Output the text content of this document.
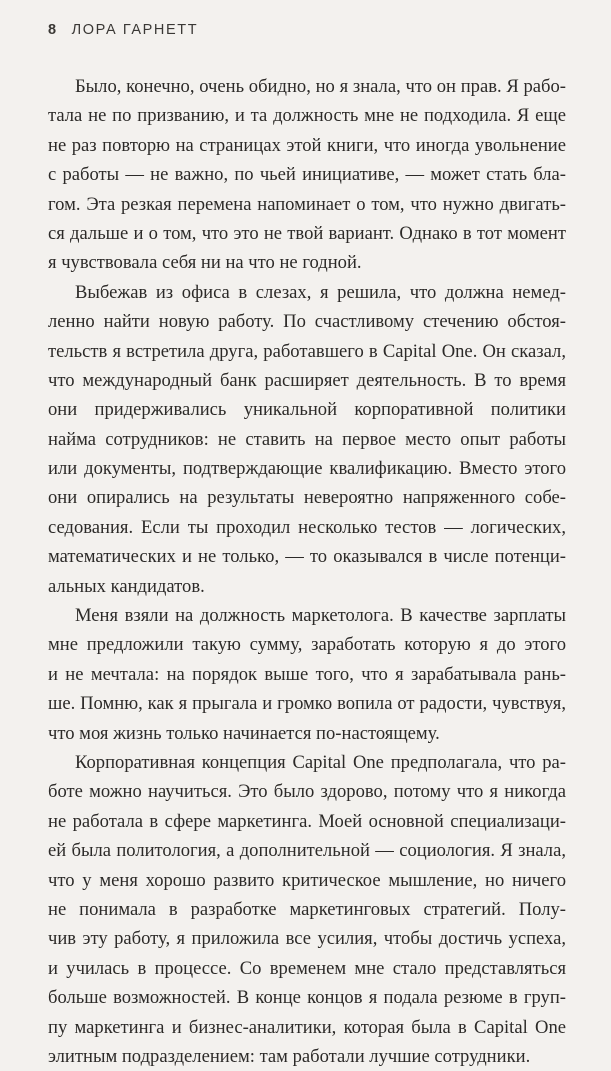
8 ЛОРА ГАРНЕТТ
Было, конечно, очень обидно, но я знала, что он прав. Я рабо-
тала не по призванию, и та должность мне не подходила. Я еще
не раз повторю на страницах этой книги, что иногда увольнение
с работы — не важно, по чьей инициативе, — может стать бла-
гом. Эта резкая перемена напоминает о том, что нужно двигать-
ся дальше и о том, что это не твой вариант. Однако в тот момент
я чувствовала себя ни на что не годной.
Выбежав из офиса в слезах, я решила, что должна немед-
ленно найти новую работу. По счастливому стечению обстоя-
тельств я встретила друга, работавшего в Capital One. Он сказал,
что международный банк расширяет деятельность. В то время
они придерживались уникальной корпоративной политики
найма сотрудников: не ставить на первое место опыт работы
или документы, подтверждающие квалификацию. Вместо этого
они опирались на результаты невероятно напряженного собе-
седования. Если ты проходил несколько тестов — логических,
математических и не только, — то оказывался в числе потенци-
альных кандидатов.
Меня взяли на должность маркетолога. В качестве зарплаты
мне предложили такую сумму, заработать которую я до этого
и не мечтала: на порядок выше того, что я зарабатывала рань-
ше. Помню, как я прыгала и громко вопила от радости, чувствуя,
что моя жизнь только начинается по-настоящему.
Корпоративная концепция Capital One предполагала, что ра-
боте можно научиться. Это было здорово, потому что я никогда
не работала в сфере маркетинга. Моей основной специализаци-
ей была политология, а дополнительной — социология. Я знала,
что у меня хорошо развито критическое мышление, но ничего
не понимала в разработке маркетинговых стратегий. Полу-
чив эту работу, я приложила все усилия, чтобы достичь успеха,
и училась в процессе. Со временем мне стало представляться
больше возможностей. В конце концов я подала резюме в груп-
пу маркетинга и бизнес-аналитики, которая была в Capital One
элитным подразделением: там работали лучшие сотрудники.
